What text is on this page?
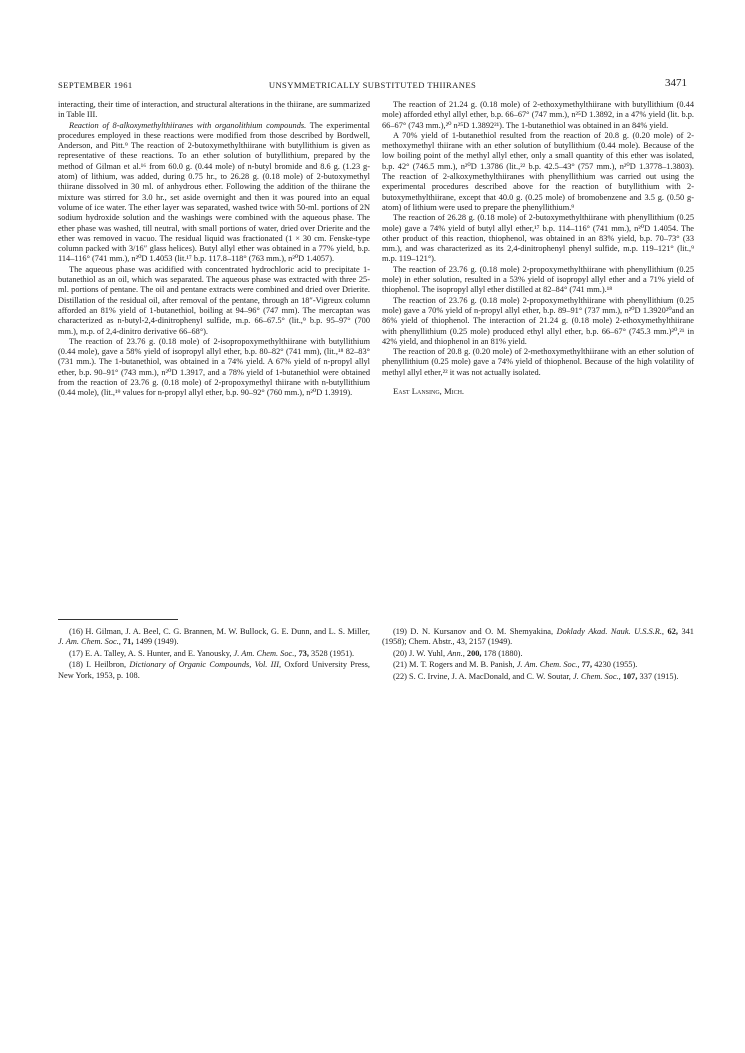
SEPTEMBER 1961	UNSYMMETRICALLY SUBSTITUTED THIIRANES	3471

interacting, their time of interaction, and structural alterations in the thiirane, are summarized in Table III.

Reaction of 8-alkoxymethylthiiranes with organolithium compounds. The experimental procedures employed in these reactions were modified from those described by Bordwell, Anderson, and Pitt.⁹ The reaction of 2-butoxymethylthiirane with butyllithium is given as representative of these reactions. To an ether solution of butyllithium, prepared by the method of Gilman et al.¹⁶ from 60.0 g. (0.44 mole) of n-butyl bromide and 8.6 g. (1.23 g-atom) of lithium, was added, during 0.75 hr., to 26.28 g. (0.18 mole) of 2-butoxymethyl thiirane dissolved in 30 ml. of anhydrous ether. Following the addition of the thiirane the mixture was stirred for 3.0 hr., set aside overnight and then it was poured into an equal volume of ice water. The ether layer was separated, washed twice with 50-ml. portions of 2N sodium hydroxide solution and the washings were combined with the aqueous phase. The ether phase was washed, till neutral, with small portions of water, dried over Drierite and the ether was removed in vacuo. The residual liquid was fractionated (1 × 30 cm. Fenske-type column packed with 3/16″ glass helices). Butyl allyl ether was obtained in a 77% yield, b.p. 114–116° (741 mm.), n²⁰D 1.4053 (lit.¹⁷ b.p. 117.8–118° (763 mm.), n²⁰D 1.4057).

The aqueous phase was acidified with concentrated hydrochloric acid to precipitate 1-butanethiol as an oil, which was separated. The aqueous phase was extracted with three 25-ml. portions of pentane. The oil and pentane extracts were combined and dried over Drierite. Distillation of the residual oil, after removal of the pentane, through an 18″-Vigreux column afforded an 81% yield of 1-butanethiol, boiling at 94–96° (747 mm). The mercaptan was characterized as n-butyl-2,4-dinitrophenyl sulfide, m.p. 66–67.5° (lit.,⁹ b.p. 95–97° (700 mm.), m.p. of 2,4-dinitro derivative 66–68°).

The reaction of 23.76 g. (0.18 mole) of 2-isopropoxymethylthiirane with butyllithium (0.44 mole), gave a 58% yield of isopropyl allyl ether, b.p. 80–82° (741 mm), (lit.,¹⁸ 82–83° (731 mm.). The 1-butanethiol, was obtained in a 74% yield. A 67% yield of n-propyl allyl ether, b.p. 90–91° (743 mm.), n²⁰D 1.3917, and a 78% yield of 1-butanethiol were obtained from the reaction of 23.76 g. (0.18 mole) of 2-propoxymethyl thiirane with n-butyllithium (0.44 mole), (lit.,¹⁹ values for n-propyl allyl ether, b.p. 90–92° (760 mm.), n²⁰D 1.3919).

The reaction of 21.24 g. (0.18 mole) of 2-ethoxymethylthiirane with butyllithium (0.44 mole) afforded ethyl allyl ether, b.p. 66–67° (747 mm.), n²⁵D 1.3892, in a 47% yield (lit. b.p. 66–67° (743 mm.),²⁰ n²⁵D 1.3892²¹). The 1-butanethiol was obtained in an 84% yield.

A 70% yield of 1-butanethiol resulted from the reaction of 20.8 g. (0.20 mole) of 2-methoxymethyl thiirane with an ether solution of butyllithium (0.44 mole). Because of the low boiling point of the methyl allyl ether, only a small quantity of this ether was isolated, b.p. 42° (746.5 mm.), n²⁰D 1.3786 (lit.,²² b.p. 42.5–43° (757 mm.), n²⁰D 1.3778–1.3803). The reaction of 2-alkoxymethylthiiranes with phenyllithium was carried out using the experimental procedures described above for the reaction of butyllithium with 2-butoxymethylthiirane, except that 40.0 g. (0.25 mole) of bromobenzene and 3.5 g. (0.50 g-atom) of lithium were used to prepare the phenyllithium.⁹

The reaction of 26.28 g. (0.18 mole) of 2-butoxymethylthiirane with phenyllithium (0.25 mole) gave a 74% yield of butyl allyl ether,¹⁷ b.p. 114–116° (741 mm.), n²⁰D 1.4054. The other product of this reaction, thiophenol, was obtained in an 83% yield, b.p. 70–73° (33 mm.), and was characterized as its 2,4-dinitrophenyl phenyl sulfide, m.p. 119–121° (lit.,⁹ m.p. 119–121°).

The reaction of 23.76 g. (0.18 mole) 2-propoxymethylthiirane with phenyllithium (0.25 mole) in ether solution, resulted in a 53% yield of isopropyl allyl ether and a 71% yield of thiophenol. The isopropyl allyl ether distilled at 82–84° (741 mm.).¹⁸

The reaction of 23.76 g. (0.18 mole) 2-propoxymethylthiirane with phenyllithium (0.25 mole) gave a 70% yield of n-propyl allyl ether, b.p. 89–91° (737 mm.), n²⁰D 1.3920²⁰and an 86% yield of thiophenol. The interaction of 21.24 g. (0.18 mole) 2-ethoxymethylthiirane with phenyllithium (0.25 mole) produced ethyl allyl ether, b.p. 66–67° (745.3 mm.)²⁰,²¹ in 42% yield, and thiophenol in an 81% yield.

The reaction of 20.8 g. (0.20 mole) of 2-methoxymethylthiirane with an ether solution of phenyllithium (0.25 mole) gave a 74% yield of thiophenol. Because of the high volatility of methyl allyl ether,²² it was not actually isolated.

East Lansing, Mich.

(16) H. Gilman, J. A. Beel, C. G. Brannen, M. W. Bullock, G. E. Dunn, and L. S. Miller, J. Am. Chem. Soc., 71, 1499 (1949).

(17) E. A. Talley, A. S. Hunter, and E. Yanousky, J. Am. Chem. Soc., 73, 3528 (1951).

(18) I. Heilbron, Dictionary of Organic Compounds, Vol. III, Oxford University Press, New York, 1953, p. 108.

(19) D. N. Kursanov and O. M. Shemyakina, Doklady Akad. Nauk. U.S.S.R., 62, 341 (1958); Chem. Abstr., 43, 2157 (1949).

(20) J. W. Yuhl, Ann., 200, 178 (1880).

(21) M. T. Rogers and M. B. Panish, J. Am. Chem. Soc., 77, 4230 (1955).

(22) S. C. Irvine, J. A. MacDonald, and C. W. Soutar, J. Chem. Soc., 107, 337 (1915).
